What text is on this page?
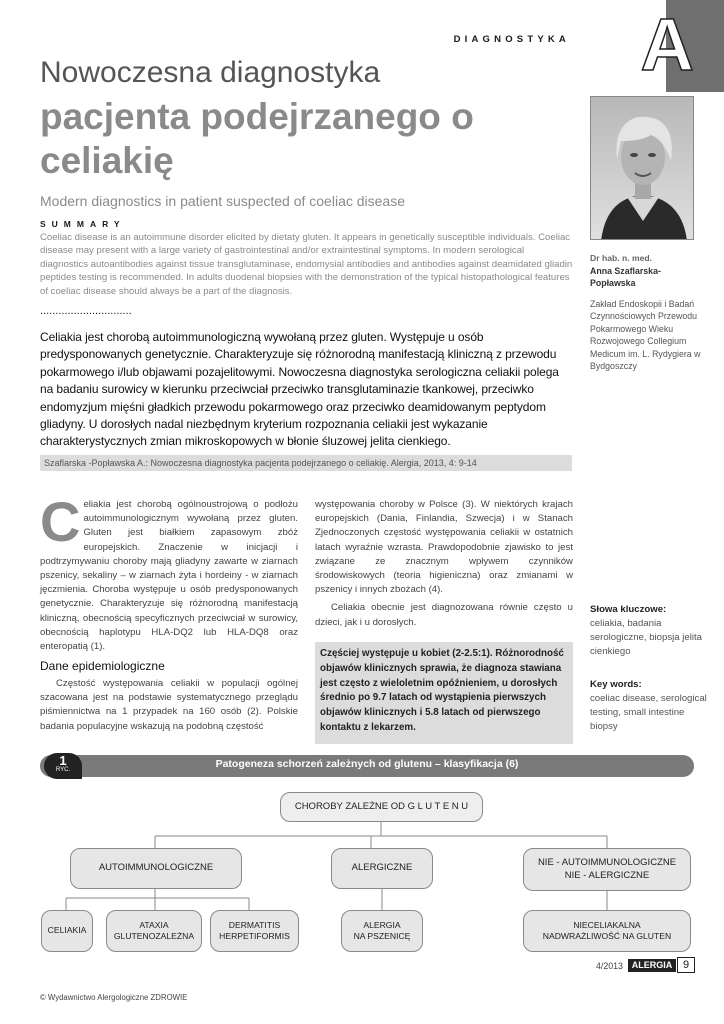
DIAGNOSTYKA A
Nowoczesna diagnostyka
pacjenta podejrzanego o celiakię
Modern diagnostics in patient suspected of coeliac disease
SUMMARY
Coeliac disease is an autoimmune disorder elicited by dietaty gluten. It appears in genetically susceptible individuals. Coeliac disease may present with a large variety of gastrointestinal and/or extraintestinal symptoms. In modern serological diagnostics autoantibodies against tissue transglutaminase, endomysial antibodies and antibodies against deamidated gliadin peptides testing is recommended. In adults duodenal biopsies with the demonstration of the typical histopathological features of coeliac disease should always be a part of the diagnosis.
..............................
Celiakia jest chorobą autoimmunologiczną wywołaną przez gluten. Występuje u osób predysponowanych genetycznie. Charakteryzuje się różnorodną manifestacją kliniczną z przewodu pokarmowego i/lub objawami pozajelitowymi. Nowoczesna diagnostyka serologiczna celiakii polega na badaniu surowicy w kierunku przeciwciał przeciwko transglutaminazie tkankowej, przeciwko endomyzjum mięśni gładkich przewodu pokarmowego oraz przeciwko deamidowanym peptydom gliadyny. U dorosłych nadal niezbędnym kryterium rozpoznania celiakii jest wykazanie charakterystycznych zmian mikroskopowych w błonie śluzowej jelita cienkiego.
Szaflarska -Popławska A.: Nowoczesna diagnostyka pacjenta podejrzanego o celiakię. Alergia, 2013, 4: 9-14
Dr hab. n. med.
Anna Szaflarska-Popławska
Zakład Endoskopii i Badań Czynnościowych Przewodu Pokarmowego Wieku Rozwojowego Collegium Medicum im. L. Rydygiera w Bydgoszczy
Celiakia jest chorobą ogólnoustrojową o podłożu autoimmunologicznym wywołaną przez gluten. Gluten jest białkiem zapasowym zbóż europejskich. Znaczenie w inicjacji i podtrzymywaniu choroby mają gliadyny zawarte w ziarnach pszenicy, sekaliny – w ziarnach żyta i hordeiny - w ziarnach jęczmienia. Choroba występuje u osób predysponowanych genetycznie. Charakteryzuje się różnorodną manifestacją kliniczną, obecnością specyficznych przeciwciał w surowicy, obecnością haplotypu HLA-DQ2 lub HLA-DQ8 oraz enteropatią (1).
Dane epidemiologiczne
Częstość występowania celiakii w populacji ogólnej szacowana jest na podstawie systematycznego przeglądu piśmiennictwa na 1 przypadek na 160 osób (2). Polskie badania populacyjne wskazują na podobną częstość
występowania choroby w Polsce (3). W niektórych krajach europejskich (Dania, Finlandia, Szwecja) i w Stanach Zjednoczonych częstość występowania celiakii w ostatnich latach wyraźnie wzrasta. Prawdopodobnie zjawisko to jest związane ze znacznym wpływem czynników środowiskowych (teoria higieniczna) oraz zmianami w pszenicy i innych zbożach (4).
Celiakia obecnie jest diagnozowana równie często u dzieci, jak i u dorosłych.
Częściej występuje u kobiet (2-2.5:1). Różnorodność objawów klinicznych sprawia, że diagnoza stawiana jest często z wieloletnim opóźnieniem, u dorosłych średnio po 9.7 latach od wystąpienia pierwszych objawów klinicznych i 5.8 latach od pierwszego kontaktu z lekarzem.
Słowa kluczowe:
celiakia, badania serologiczne, biopsja jelita cienkiego
Key words:
coeliac disease, serological testing, small intestine biopsy
Patogeneza schorzeń zależnych od glutenu – klasyfikacja (6)
1
RYC.
CHOROBY ZALEŻNE OD G L U T E N U
AUTOIMMUNOLOGICZNE	ALERGICZNE	NIE - AUTOIMMUNOLOGICZNE
NIE - ALERGICZNE
CELIAKIA
ATAXIA
GLUTENOZALEŻNA
DERMATITIS
HERPETIFORMIS
ALERGIA
NA PSZENICĘ
NIECELIAKALNA
NADWRAŻLIWOŚĆ NA GLUTEN
4/2013 ALERGIA 9
© Wydawnictwo Alergologiczne ZDROWIE
